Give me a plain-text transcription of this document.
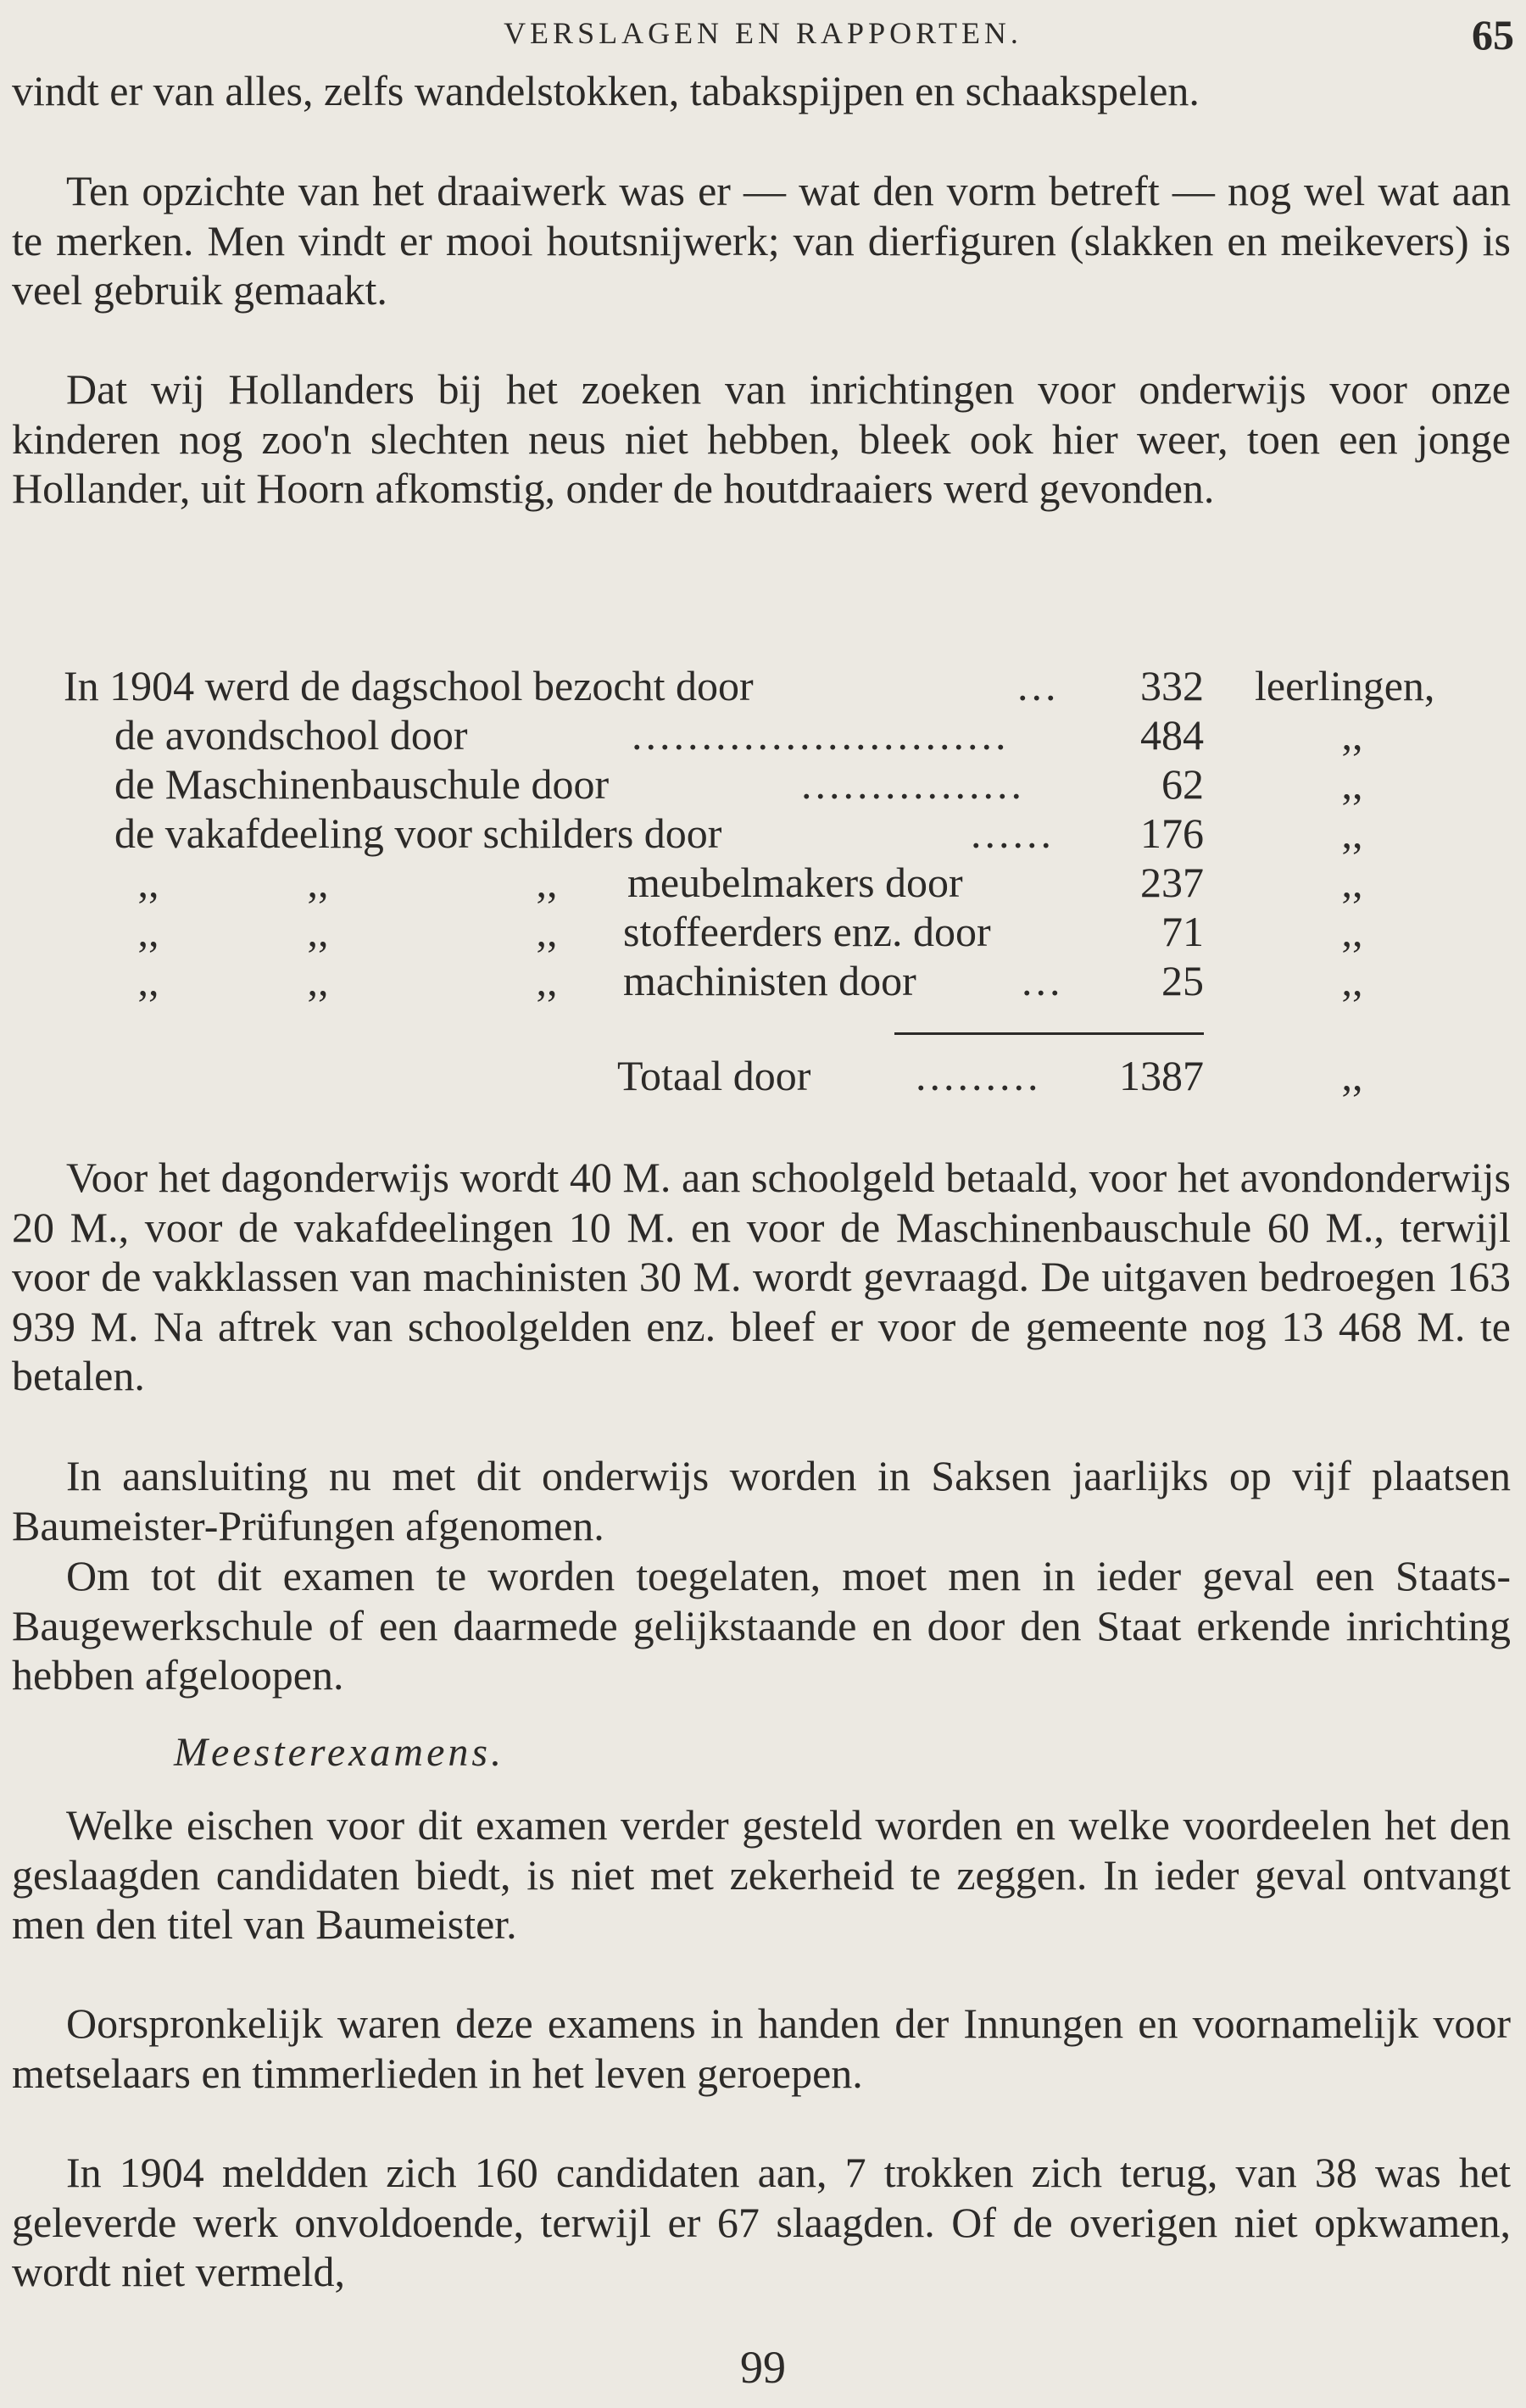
VERSLAGEN EN RAPPORTEN.	65

vindt er van alles, zelfs wandelstokken, tabakspijpen en schaakspelen.

Ten opzichte van het draaiwerk was er — wat den vorm betreft — nog wel wat aan te merken. Men vindt er mooi houtsnijwerk; van dierfiguren (slakken en meikevers) is veel gebruik gemaakt.

Dat wij Hollanders bij het zoeken van inrichtingen voor onderwijs voor onze kinderen nog zoo'n slechten neus niet hebben, bleek ook hier weer, toen een jonge Hollander, uit Hoorn afkomstig, onder de houtdraaiers werd gevonden.

In 1904 werd de dagschool bezocht door	...	332 leerlingen,
de avondschool door	...........................	484	,,
de Maschinenbauschule door	................	62	,,
de vakafdeeling voor schilders door	......	176	,,
,,	,,	,,	meubelmakers door	237	,,
,,	,,	,,	stoffeerders enz. door	71	,,
,,	,,	,,	machinisten door ...	25	,,
Totaal door .........	1387	,,

Voor het dagonderwijs wordt 40 M. aan schoolgeld betaald, voor het avondonderwijs 20 M., voor de vakafdeelingen 10 M. en voor de Maschinenbauschule 60 M., terwijl voor de vakklassen van machinisten 30 M. wordt gevraagd. De uitgaven bedroegen 163 939 M. Na aftrek van schoolgelden enz. bleef er voor de gemeente nog 13 468 M. te betalen.

In aansluiting nu met dit onderwijs worden in Saksen jaarlijks op vijf plaatsen Baumeister-Prüfungen afgenomen.

Om tot dit examen te worden toegelaten, moet men in ieder geval een Staats-Baugewerkschule of een daarmede gelijkstaande en door den Staat erkende inrichting hebben afgeloopen.

Meesterexamens.

Welke eischen voor dit examen verder gesteld worden en welke voordeelen het den geslaagden candidaten biedt, is niet met zekerheid te zeggen. In ieder geval ontvangt men den titel van Baumeister.

Oorspronkelijk waren deze examens in handen der Innungen en voornamelijk voor metselaars en timmerlieden in het leven geroepen.

In 1904 meldden zich 160 candidaten aan, 7 trokken zich terug, van 38 was het geleverde werk onvoldoende, terwijl er 67 slaagden. Of de overigen niet opkwamen, wordt niet vermeld,

99
